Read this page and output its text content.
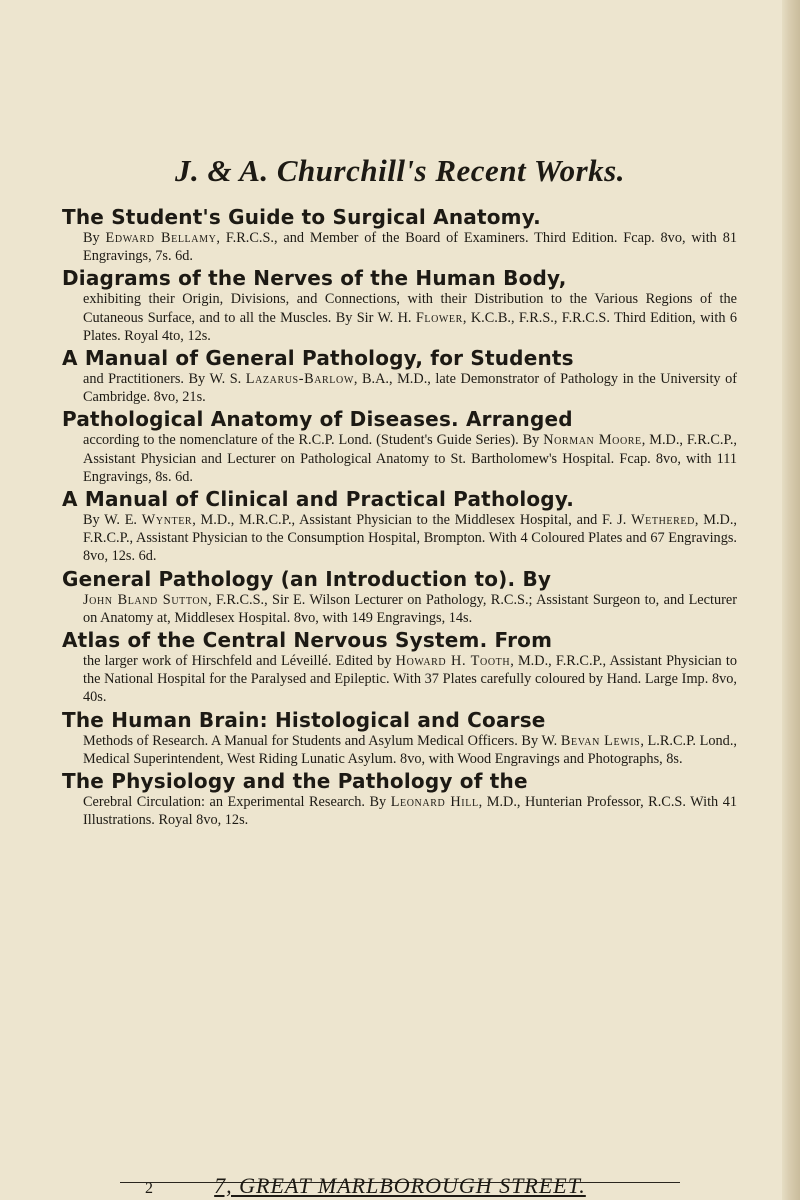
J. & A. Churchill's Recent Works.

The Student's Guide to Surgical Anatomy.

By Edward Bellamy, F.R.C.S., and Member of the Board of Examiners. Third Edition. Fcap. 8vo, with 81 Engravings, 7s. 6d.

Diagrams of the Nerves of the Human Body,

exhibiting their Origin, Divisions, and Connections, with their Distribution to the Various Regions of the Cutaneous Surface, and to all the Muscles. By Sir W. H. Flower, K.C.B., F.R.S., F.R.C.S. Third Edition, with 6 Plates. Royal 4to, 12s.

A Manual of General Pathology, for Students

and Practitioners. By W. S. Lazarus-Barlow, B.A., M.D., late Demonstrator of Pathology in the University of Cambridge. 8vo, 21s.

Pathological Anatomy of Diseases. Arranged

according to the nomenclature of the R.C.P. Lond. (Student's Guide Series). By Norman Moore, M.D., F.R.C.P., Assistant Physician and Lecturer on Pathological Anatomy to St. Bartholomew's Hospital. Fcap. 8vo, with 111 Engravings, 8s. 6d.

A Manual of Clinical and Practical Pathology.

By W. E. Wynter, M.D., M.R.C.P., Assistant Physician to the Middlesex Hospital, and F. J. Wethered, M.D., F.R.C.P., Assistant Physician to the Consumption Hospital, Brompton. With 4 Coloured Plates and 67 Engravings. 8vo, 12s. 6d.

General Pathology (an Introduction to). By

John Bland Sutton, F.R.C.S., Sir E. Wilson Lecturer on Pathology, R.C.S.; Assistant Surgeon to, and Lecturer on Anatomy at, Middlesex Hospital. 8vo, with 149 Engravings, 14s.

Atlas of the Central Nervous System. From

the larger work of Hirschfeld and Léveillé. Edited by Howard H. Tooth, M.D., F.R.C.P., Assistant Physician to the National Hospital for the Paralysed and Epileptic. With 37 Plates carefully coloured by Hand. Large Imp. 8vo, 40s.

The Human Brain: Histological and Coarse

Methods of Research. A Manual for Students and Asylum Medical Officers. By W. Bevan Lewis, L.R.C.P. Lond., Medical Superintendent, West Riding Lunatic Asylum. 8vo, with Wood Engravings and Photographs, 8s.

The Physiology and the Pathology of the

Cerebral Circulation: an Experimental Research. By Leonard Hill, M.D., Hunterian Professor, R.C.S. With 41 Illustrations. Royal 8vo, 12s.

7, GREAT MARLBOROUGH STREET.
2
